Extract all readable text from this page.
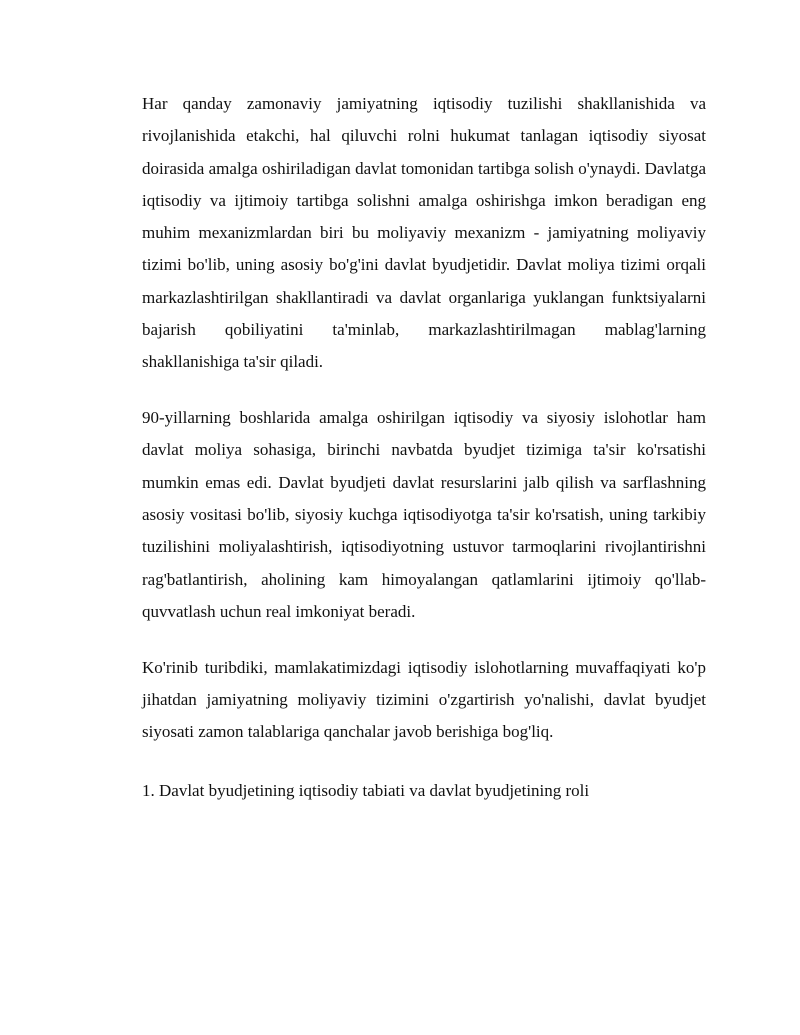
Har qanday zamonaviy jamiyatning iqtisodiy tuzilishi shakllanishida va rivojlanishida etakchi, hal qiluvchi rolni hukumat tanlagan iqtisodiy siyosat doirasida amalga oshiriladigan davlat tomonidan tartibga solish o'ynaydi. Davlatga iqtisodiy va ijtimoiy tartibga solishni amalga oshirishga imkon beradigan eng muhim mexanizmlardan biri bu moliyaviy mexanizm - jamiyatning moliyaviy tizimi bo'lib, uning asosiy bo'g'ini davlat byudjetidir. Davlat moliya tizimi orqali markazlashtirilgan shakllantiradi va davlat organlariga yuklangan funktsiyalarni bajarish qobiliyatini ta'minlab, markazlashtirilmagan mablag'larning shakllanishiga ta'sir qiladi.

90-yillarning boshlarida amalga oshirilgan iqtisodiy va siyosiy islohotlar ham davlat moliya sohasiga, birinchi navbatda byudjet tizimiga ta'sir ko'rsatishi mumkin emas edi. Davlat byudjeti davlat resurslarini jalb qilish va sarflashning asosiy vositasi bo'lib, siyosiy kuchga iqtisodiyotga ta'sir ko'rsatish, uning tarkibiy tuzilishini moliyalashtirish, iqtisodiyotning ustuvor tarmoqlarini rivojlantirishni rag'batlantirish, aholining kam himoyalangan qatlamlarini ijtimoiy qo'llab-quvvatlash uchun real imkoniyat beradi.

Ko'rinib turibdiki, mamlakatimizdagi iqtisodiy islohotlarning muvaffaqiyati ko'p jihatdan jamiyatning moliyaviy tizimini o'zgartirish yo'nalishi, davlat byudjet siyosati zamon talablariga qanchalar javob berishiga bog'liq.

1. Davlat byudjetining iqtisodiy tabiati va davlat byudjetining roli
